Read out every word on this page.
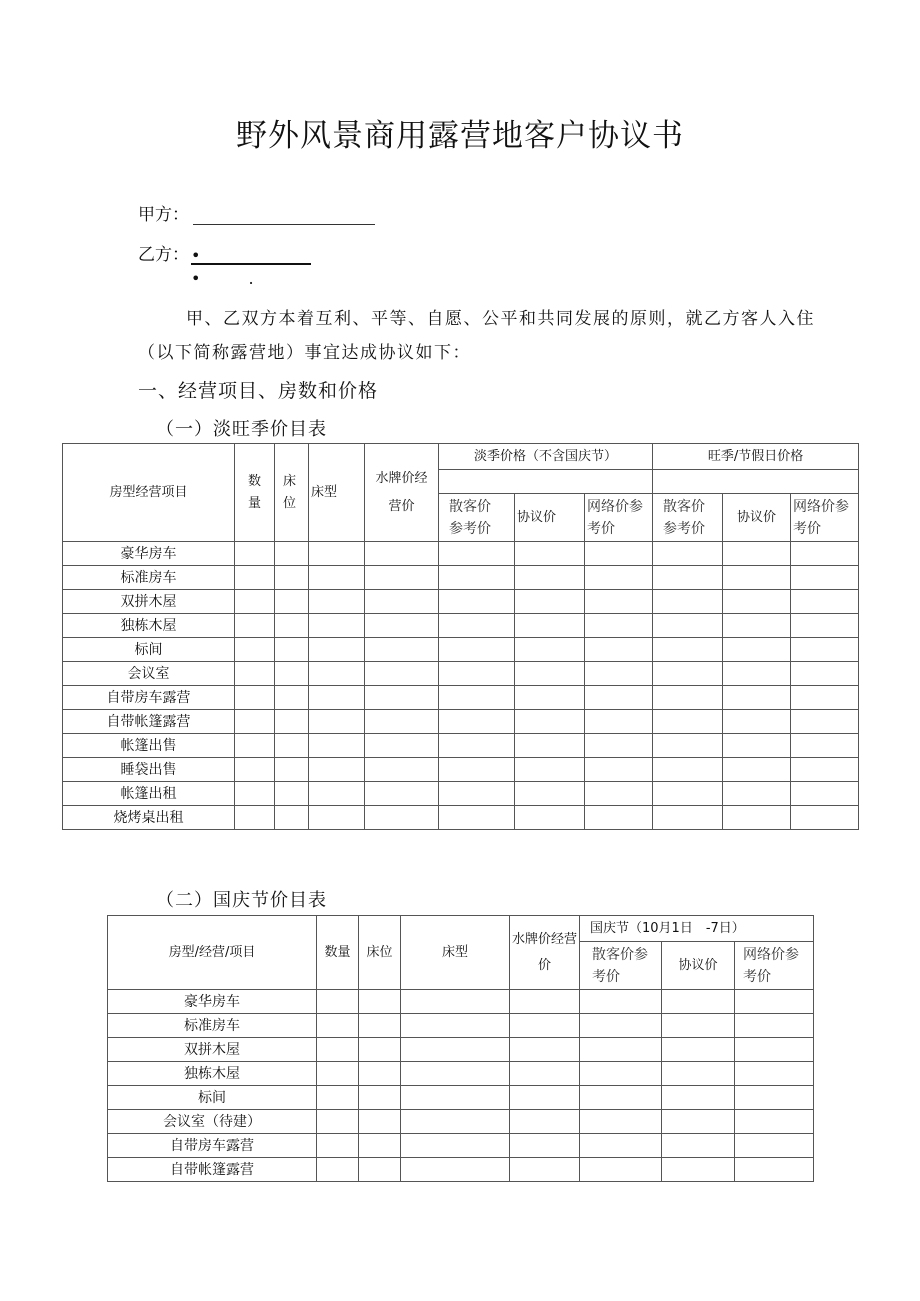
野外风景商用露营地客户协议书
甲方：
乙方： •　　　　•　　　.
甲、乙双方本着互利、平等、自愿、公平和共同发展的原则，就乙方客人入住（以下简称露营地）事宜达成协议如下：
一、经营项目、房数和价格
（一）淡旺季价目表
房型经营项目	数量	床位	床型	水牌价经营价	淡季价格（不含国庆节）			旺季/节假日价格		

					散客价参考价	协议价	网络价参考价	散客价参考价	协议价	网络价参考价
豪华房车										
标准房车										
双拼木屋										
独栋木屋										
标间										
会议室										
自带房车露营										
自带帐篷露营										
帐篷出售										
睡袋出售										
帐篷出租										
烧烤桌出租										
（二）国庆节价目表
房型/经营/项目	数量	床位	床型	水牌价经营价	国庆节（10月1日　-7日）		
					散客价参考价	协议价	网络价参考价
豪华房车							
标准房车							
双拼木屋							
独栋木屋							
标间							
会议室（待建）							
自带房车露营							
自带帐篷露营							
